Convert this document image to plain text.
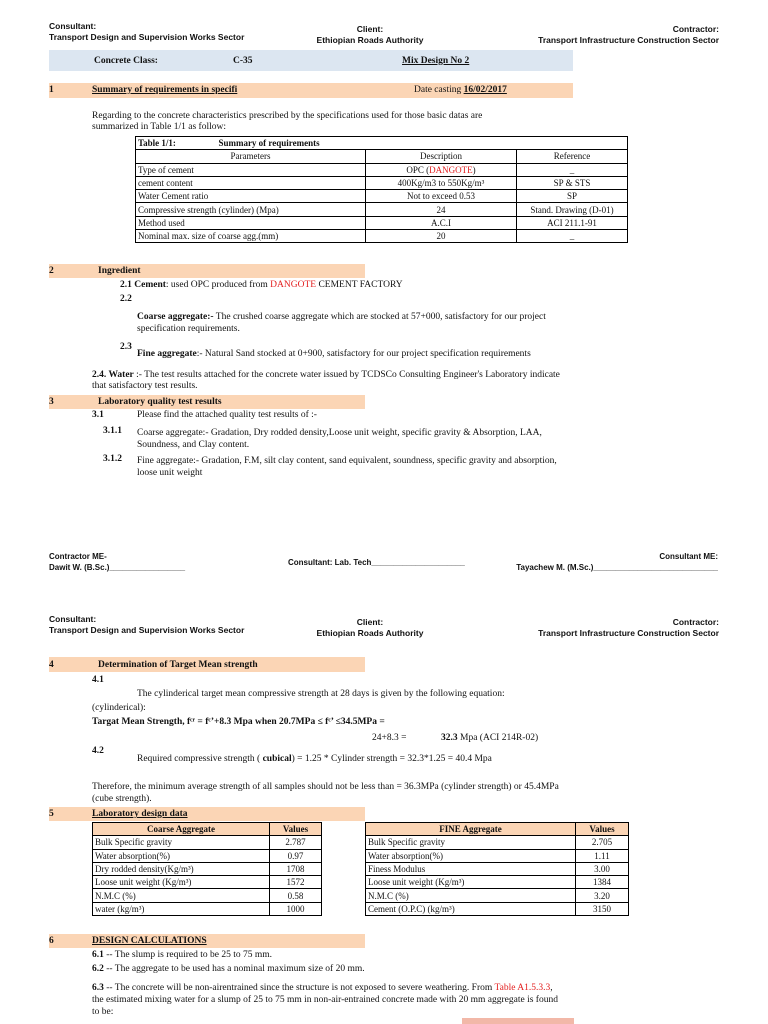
Consultant:
Transport Design and Supervision Works Sector
Client:
Ethiopian Roads Authority
Contractor:
Transport Infrastructure Construction Sector
Concrete Class:	C-35	Mix Design No 2
1	Summary of requirements in specifi	Date casting 16/02/2017
Regarding to the concrete characteristics prescribed by the specifications used for those basic datas are
summarized in Table 1/1 as follow:
Table 1/1: Summary of requirements		
Parameters	Description	Reference
Type of cement	OPC (DANGOTE)	_
cement content	400Kg/m3 to 550Kg/m³	SP & STS
Water Cement ratio	Not to exceed 0.53	SP
Compressive strength (cylinder) (Mpa)	24	Stand. Drawing (D-01)
Method used	A.C.I	ACI 211.1-91
Nominal max. size of coarse agg.(mm)	20	_
2	Ingredient
2.1 Cement: used OPC produced from DANGOTE CEMENT FACTORY
2.2
Coarse aggregate:- The crushed coarse aggregate which are stocked at 57+000, satisfactory for our project
specification requirements.
2.3
Fine aggregate:- Natural Sand stocked at 0+900, satisfactory for our project specification requirements
2.4. Water :- The test results attached for the concrete water issued by TCDSCo Consulting Engineer's Laboratory indicate
that satisfactory test results.
3	Laboratory quality test results
3.1	Please find the attached quality test results of :-
3.1.1 Coarse aggregate:- Gradation, Dry rodded density,Loose unit weight, specific gravity & Absorption, LAA,
Soundness, and Clay content.
3.1.2 Fine aggregate:- Gradation, F.M, silt clay content, sand equivalent, soundness, specific gravity and absorption,
loose unit weight
Contractor ME-
Dawit W. (B.Sc.)_________________
Consultant: Lab. Tech_____________________
Consultant ME:
Tayachew M. (M.Sc.)____________________________
Consultant:
Transport Design and Supervision Works Sector
Client:
Ethiopian Roads Authority
Contractor:
Transport Infrastructure Construction Sector
4	Determination of Target Mean strength
4.1
The cylinderical target mean compressive strength at 28 days is given by the following equation:
(cylinderical):
Targat Mean Strength, fᶜʳ = fᶜ’+8.3 Mpa when 20.7MPa ≤ fᶜ’ ≤34.5MPa =
24+8.3 =	32.3 Mpa (ACI 214R-02)
4.2
Required compressive strength ( cubical) = 1.25 * Cylinder strength = 32.3*1.25 = 40.4 Mpa
Therefore, the minimum average strength of all samples should not be less than = 36.3MPa (cylinder strength) or 45.4MPa
(cube strength).
5	Laboratory design data
Coarse Aggregate	Values
Bulk Specific gravity	2.787
Water absorption(%)	0.97
Dry rodded density(Kg/m³)	1708
Loose unit weight (Kg/m³)	1572
N.M.C (%)	0.58
water (kg/m³)	1000
FINE Aggregate	Values
Bulk Specific gravity	2.705
Water absorption(%)	1.11
Finess Modulus	3.00
Loose unit weight (Kg/m³)	1384
N.M.C (%)	3.20
Cement (O.P.C) (kg/m³)	3150
6	DESIGN CALCULATIONS
6.1 -- The slump is required to be 25 to 75 mm.
6.2 -- The aggregate to be used has a nominal maximum size of 20 mm.
6.3 -- The concrete will be non-airentrained since the structure is not exposed to severe weathering. From Table A1.5.3.3,
the estimated mixing water for a slump of 25 to 75 mm in non-air-entrained concrete made with 20 mm aggregate is found
to be:
